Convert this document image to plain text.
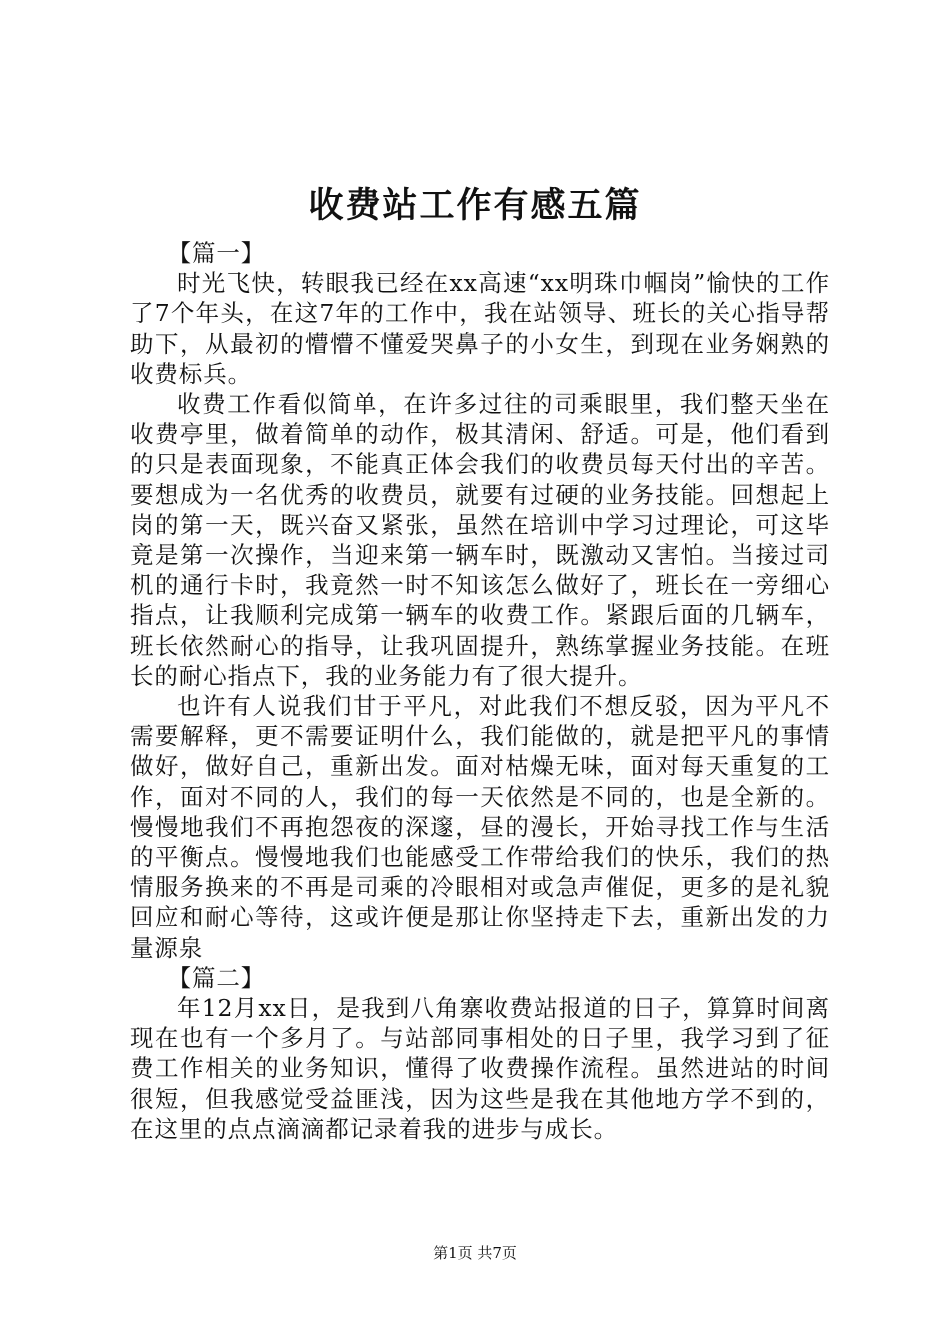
收费站工作有感五篇

【篇一】

时光飞快，转眼我已经在xx高速“xx明珠巾帼岗”愉快的工作了7个年头，在这7年的工作中，我在站领导、班长的关心指导帮助下，从最初的懵懵不懂爱哭鼻子的小女生，到现在业务娴熟的收费标兵。

收费工作看似简单，在许多过往的司乘眼里，我们整天坐在收费亭里，做着简单的动作，极其清闲、舒适。可是，他们看到的只是表面现象，不能真正体会我们的收费员每天付出的辛苦。要想成为一名优秀的收费员，就要有过硬的业务技能。回想起上岗的第一天，既兴奋又紧张，虽然在培训中学习过理论，可这毕竟是第一次操作，当迎来第一辆车时，既激动又害怕。当接过司机的通行卡时，我竟然一时不知该怎么做好了，班长在一旁细心指点，让我顺利完成第一辆车的收费工作。紧跟后面的几辆车，班长依然耐心的指导，让我巩固提升，熟练掌握业务技能。在班长的耐心指点下，我的业务能力有了很大提升。

也许有人说我们甘于平凡，对此我们不想反驳，因为平凡不需要解释，更不需要证明什么，我们能做的，就是把平凡的事情做好，做好自己，重新出发。面对枯燥无味，面对每天重复的工作，面对不同的人，我们的每一天依然是不同的，也是全新的。慢慢地我们不再抱怨夜的深邃，昼的漫长，开始寻找工作与生活的平衡点。慢慢地我们也能感受工作带给我们的快乐，我们的热情服务换来的不再是司乘的冷眼相对或急声催促，更多的是礼貌回应和耐心等待，这或许便是那让你坚持走下去，重新出发的力量源泉

【篇二】

年12月xx日，是我到八角寨收费站报道的日子，算算时间离现在也有一个多月了。与站部同事相处的日子里，我学习到了征费工作相关的业务知识，懂得了收费操作流程。虽然进站的时间很短，但我感觉受益匪浅，因为这些是我在其他地方学不到的，在这里的点点滴滴都记录着我的进步与成长。

第1页 共7页
